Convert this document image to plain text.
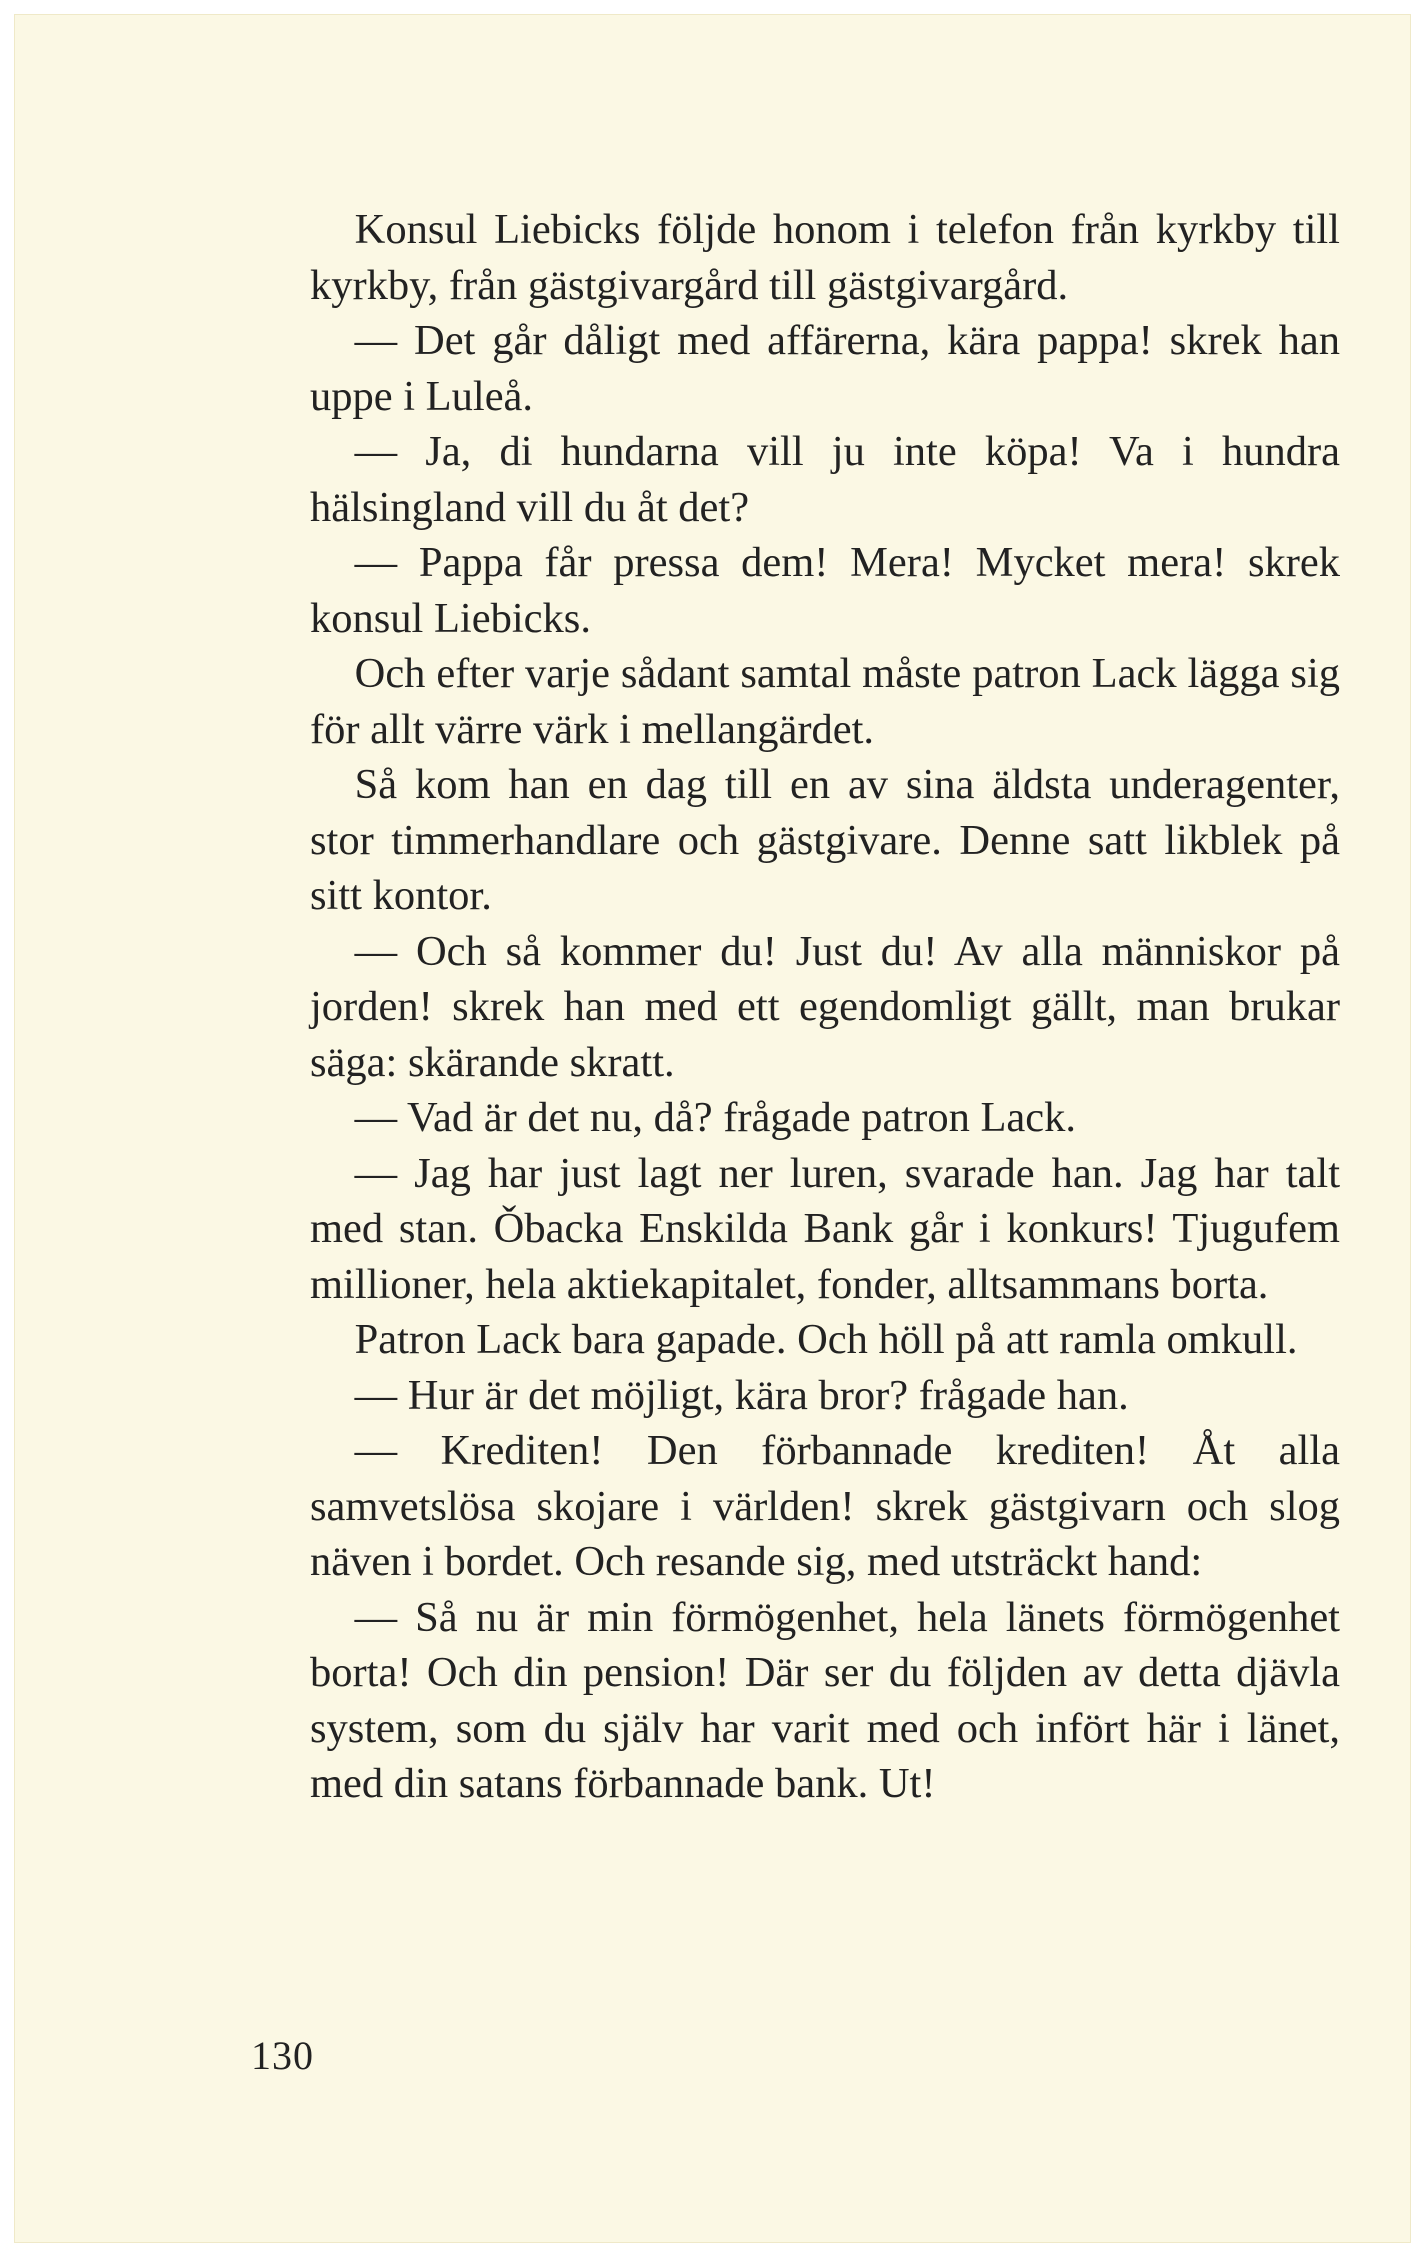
Konsul Liebicks följde honom i telefon från kyrkby till kyrkby, från gästgivargård till gästgivargård.

— Det går dåligt med affärerna, kära pappa! skrek han uppe i Luleå.

— Ja, di hundarna vill ju inte köpa! Va i hundra hälsingland vill du åt det?

— Pappa får pressa dem! Mera! Mycket mera! skrek konsul Liebicks.

Och efter varje sådant samtal måste patron Lack lägga sig för allt värre värk i mellangärdet.

Så kom han en dag till en av sina äldsta underagenter, stor timmerhandlare och gästgivare. Denne satt likblek på sitt kontor.

— Och så kommer du! Just du! Av alla människor på jorden! skrek han med ett egendomligt gällt, man brukar säga: skärande skratt.

— Vad är det nu, då? frågade patron Lack.

— Jag har just lagt ner luren, svarade han. Jag har talt med stan. Ǒbacka Enskilda Bank går i konkurs! Tjugufem millioner, hela aktiekapitalet, fonder, alltsammans borta.

Patron Lack bara gapade. Och höll på att ramla omkull.

— Hur är det möjligt, kära bror? frågade han.

— Krediten! Den förbannade krediten! Åt alla samvetslösa skojare i världen! skrek gästgivarn och slog näven i bordet. Och resande sig, med utsträckt hand:

— Så nu är min förmögenhet, hela länets förmögenhet borta! Och din pension! Där ser du följden av detta djävla system, som du själv har varit med och infört här i länet, med din satans förbannade bank. Ut!

130
